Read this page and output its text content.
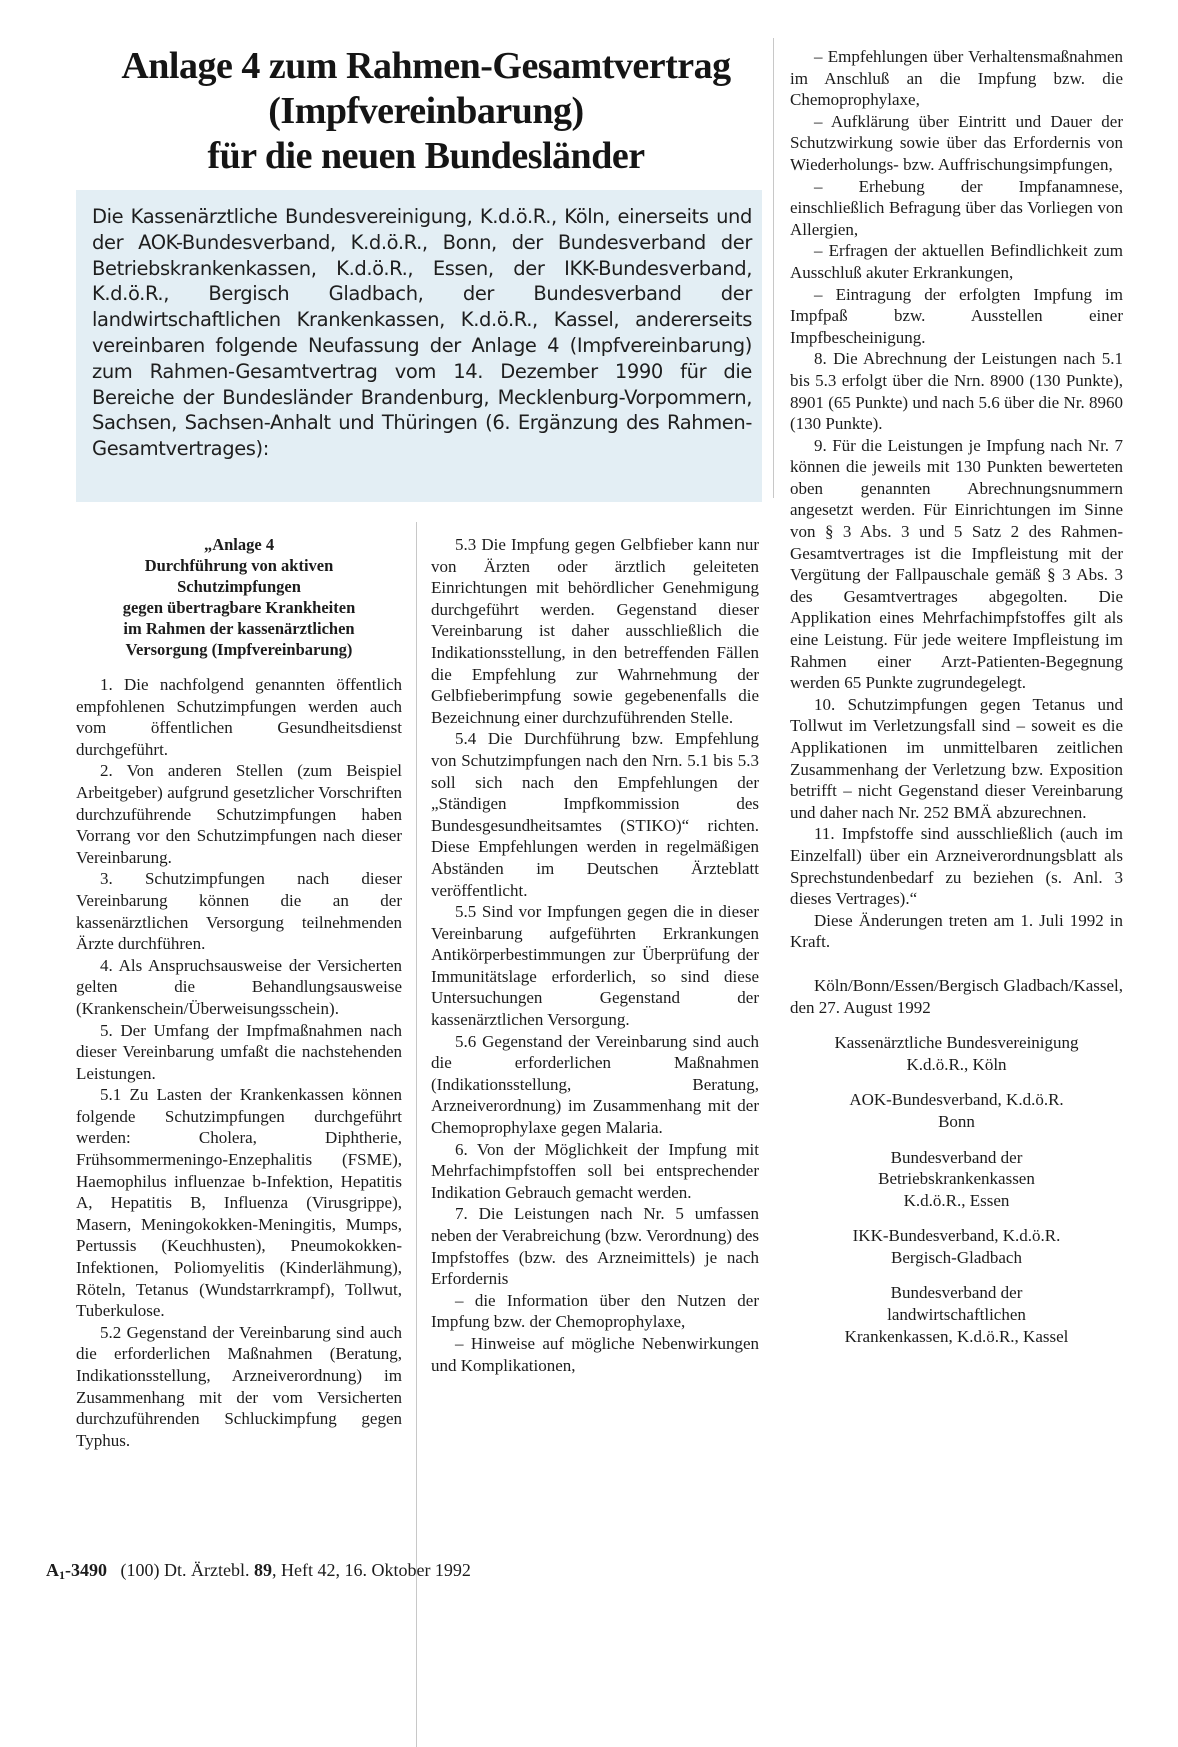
Anlage 4 zum Rahmen-Gesamtvertrag
(Impfvereinbarung)
für die neuen Bundesländer

Die Kassenärztliche Bundesvereinigung, K.d.ö.R., Köln, einerseits und der AOK-Bundesverband, K.d.ö.R., Bonn, der Bundesverband der Betriebskrankenkassen, K.d.ö.R., Essen, der IKK-Bundesverband, K.d.ö.R., Bergisch Gladbach, der Bundesverband der landwirtschaftlichen Krankenkassen, K.d.ö.R., Kassel, andererseits vereinbaren folgende Neufassung der Anlage 4 (Impfvereinbarung) zum Rahmen-Gesamtvertrag vom 14. Dezember 1990 für die Bereiche der Bundesländer Brandenburg, Mecklenburg-Vorpommern, Sachsen, Sachsen-Anhalt und Thüringen (6. Ergänzung des Rahmen-Gesamtvertrages):

„Anlage 4
Durchführung von aktiven
Schutzimpfungen
gegen übertragbare Krankheiten
im Rahmen der kassenärztlichen
Versorgung (Impfvereinbarung)

1. Die nachfolgend genannten öffentlich empfohlenen Schutzimpfungen werden auch vom öffentlichen Gesundheitsdienst durchgeführt.

2. Von anderen Stellen (zum Beispiel Arbeitgeber) aufgrund gesetzlicher Vorschriften durchzuführende Schutzimpfungen haben Vorrang vor den Schutzimpfungen nach dieser Vereinbarung.

3. Schutzimpfungen nach dieser Vereinbarung können die an der kassenärztlichen Versorgung teilnehmenden Ärzte durchführen.

4. Als Anspruchsausweise der Versicherten gelten die Behandlungsausweise (Krankenschein/Überweisungsschein).

5. Der Umfang der Impfmaßnahmen nach dieser Vereinbarung umfaßt die nachstehenden Leistungen.

5.1 Zu Lasten der Krankenkassen können folgende Schutzimpfungen durchgeführt werden: Cholera, Diphtherie, Frühsommermeningo-Enzephalitis (FSME), Haemophilus influenzae b-Infektion, Hepatitis A, Hepatitis B, Influenza (Virusgrippe), Masern, Meningokokken-Meningitis, Mumps, Pertussis (Keuchhusten), Pneumokokken-Infektionen, Poliomyelitis (Kinderlähmung), Röteln, Tetanus (Wundstarrkrampf), Tollwut, Tuberkulose.

5.2 Gegenstand der Vereinbarung sind auch die erforderlichen Maßnahmen (Beratung, Indikationsstellung, Arzneiverordnung) im Zusammenhang mit der vom Versicherten durchzuführenden Schluckimpfung gegen Typhus.

5.3 Die Impfung gegen Gelbfieber kann nur von Ärzten oder ärztlich geleiteten Einrichtungen mit behördlicher Genehmigung durchgeführt werden. Gegenstand dieser Vereinbarung ist daher ausschließlich die Indikationsstellung, in den betreffenden Fällen die Empfehlung zur Wahrnehmung der Gelbfieberimpfung sowie gegebenenfalls die Bezeichnung einer durchzuführenden Stelle.

5.4 Die Durchführung bzw. Empfehlung von Schutzimpfungen nach den Nrn. 5.1 bis 5.3 soll sich nach den Empfehlungen der „Ständigen Impfkommission des Bundesgesundheitsamtes (STIKO)“ richten. Diese Empfehlungen werden in regelmäßigen Abständen im Deutschen Ärzteblatt veröffentlicht.

5.5 Sind vor Impfungen gegen die in dieser Vereinbarung aufgeführten Erkrankungen Antikörperbestimmungen zur Überprüfung der Immunitätslage erforderlich, so sind diese Untersuchungen Gegenstand der kassenärztlichen Versorgung.

5.6 Gegenstand der Vereinbarung sind auch die erforderlichen Maßnahmen (Indikationsstellung, Beratung, Arzneiverordnung) im Zusammenhang mit der Chemoprophylaxe gegen Malaria.

6. Von der Möglichkeit der Impfung mit Mehrfachimpfstoffen soll bei entsprechender Indikation Gebrauch gemacht werden.

7. Die Leistungen nach Nr. 5 umfassen neben der Verabreichung (bzw. Verordnung) des Impfstoffes (bzw. des Arzneimittels) je nach Erfordernis

– die Information über den Nutzen der Impfung bzw. der Chemoprophylaxe,

– Hinweise auf mögliche Nebenwirkungen und Komplikationen,

– Empfehlungen über Verhaltensmaßnahmen im Anschluß an die Impfung bzw. die Chemoprophylaxe,

– Aufklärung über Eintritt und Dauer der Schutzwirkung sowie über das Erfordernis von Wiederholungs- bzw. Auffrischungsimpfungen,

– Erhebung der Impfanamnese, einschließlich Befragung über das Vorliegen von Allergien,

– Erfragen der aktuellen Befindlichkeit zum Ausschluß akuter Erkrankungen,

– Eintragung der erfolgten Impfung im Impfpaß bzw. Ausstellen einer Impfbescheinigung.

8. Die Abrechnung der Leistungen nach 5.1 bis 5.3 erfolgt über die Nrn. 8900 (130 Punkte), 8901 (65 Punkte) und nach 5.6 über die Nr. 8960 (130 Punkte).

9. Für die Leistungen je Impfung nach Nr. 7 können die jeweils mit 130 Punkten bewerteten oben genannten Abrechnungsnummern angesetzt werden. Für Einrichtungen im Sinne von § 3 Abs. 3 und 5 Satz 2 des Rahmen-Gesamtvertrages ist die Impfleistung mit der Vergütung der Fallpauschale gemäß § 3 Abs. 3 des Gesamtvertrages abgegolten. Die Applikation eines Mehrfachimpfstoffes gilt als eine Leistung. Für jede weitere Impfleistung im Rahmen einer Arzt-Patienten-Begegnung werden 65 Punkte zugrundegelegt.

10. Schutzimpfungen gegen Tetanus und Tollwut im Verletzungsfall sind – soweit es die Applikationen im unmittelbaren zeitlichen Zusammenhang der Verletzung bzw. Exposition betrifft – nicht Gegenstand dieser Vereinbarung und daher nach Nr. 252 BMÄ abzurechnen.

11. Impfstoffe sind ausschließlich (auch im Einzelfall) über ein Arzneiverordnungsblatt als Sprechstundenbedarf zu beziehen (s. Anl. 3 dieses Vertrages).“

Diese Änderungen treten am 1. Juli 1992 in Kraft.

Köln/Bonn/Essen/Bergisch Gladbach/Kassel, den 27. August 1992

Kassenärztliche Bundesvereinigung
K.d.ö.R., Köln
AOK-Bundesverband, K.d.ö.R.
Bonn
Bundesverband der
Betriebskrankenkassen
K.d.ö.R., Essen
IKK-Bundesverband, K.d.ö.R.
Bergisch-Gladbach
Bundesverband der
landwirtschaftlichen
Krankenkassen, K.d.ö.R., Kassel
$A_1-3490$ (100) Dt. Ärztebl. 89, Heft 42, 16. Oktober 1992
